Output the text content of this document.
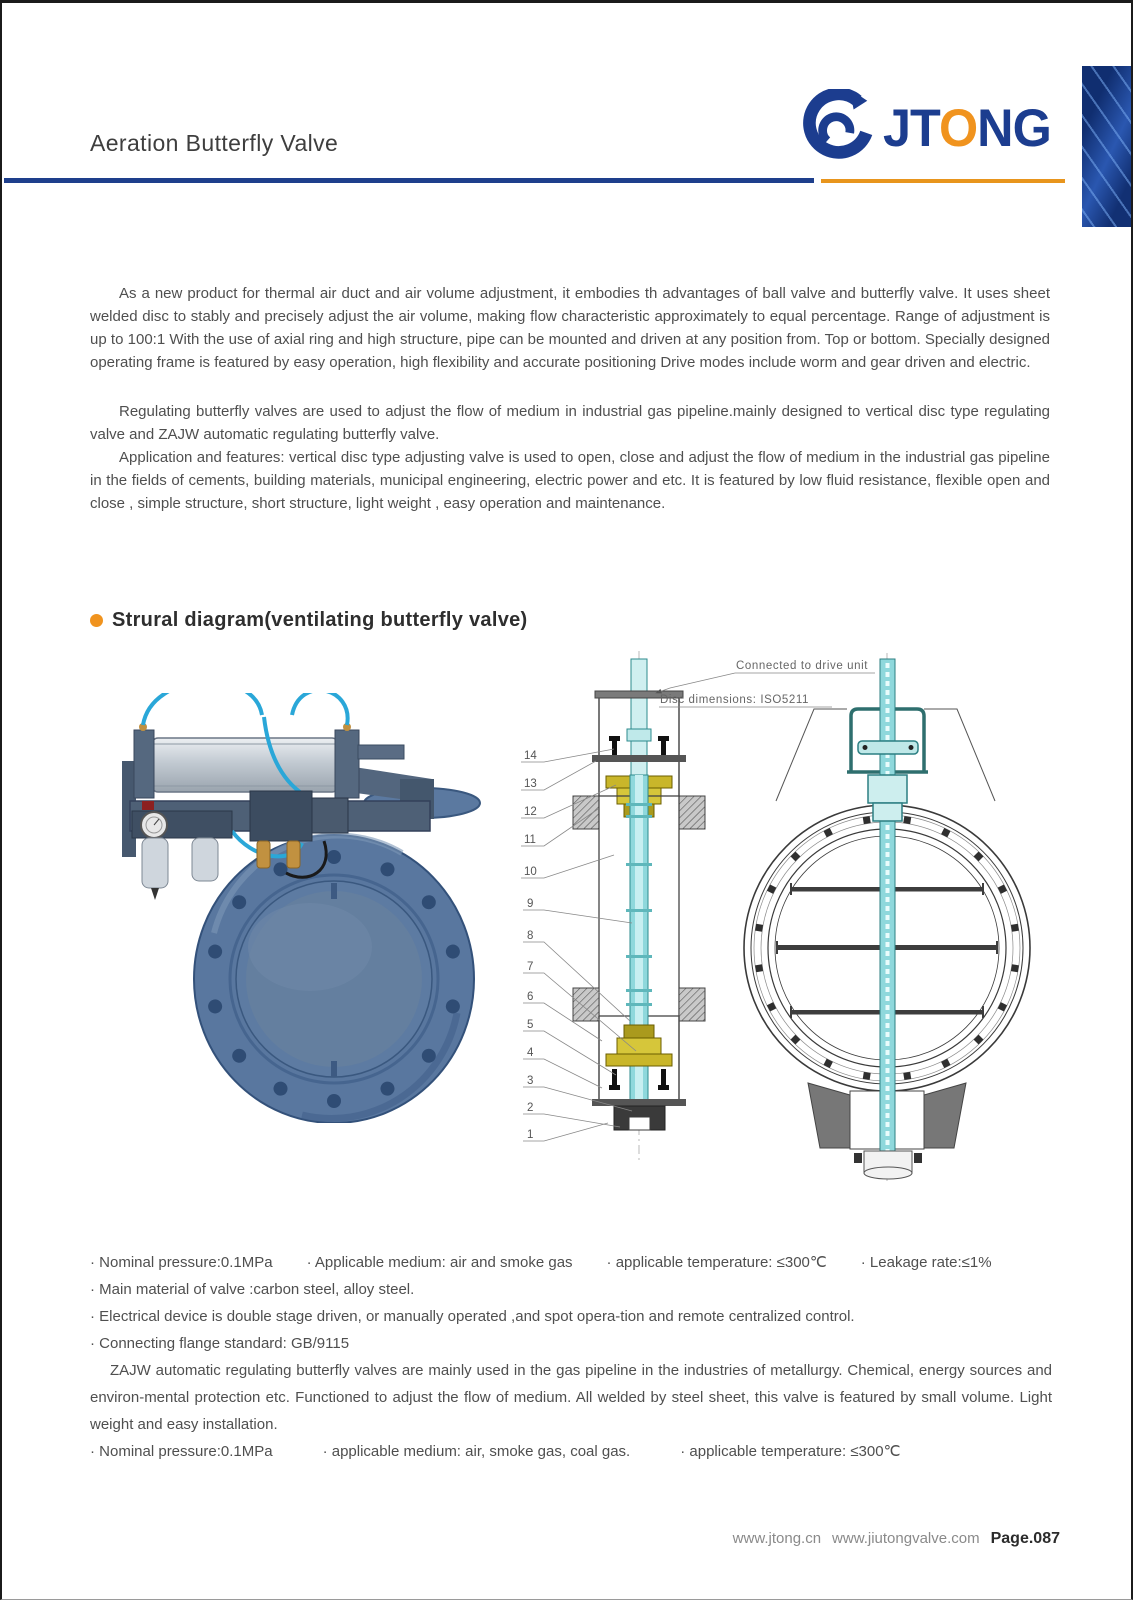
Aeration Butterfly Valve	JTONG

As a new product for thermal air duct and air volume adjustment, it embodies th advantages of ball valve and butterfly valve. It uses sheet welded disc to stably and precisely adjust the air volume, making flow characteristic approximately to equal percentage. Range of adjustment is up to 100:1 With the use of axial ring and high structure, pipe can be mounted and driven at any position from. Top or bottom. Specially designed operating frame is featured by easy operation, high flexibility and accurate positioning Drive modes include worm and gear driven and electric.

Regulating butterfly valves are used to adjust the flow of medium in industrial gas pipeline.mainly designed to vertical disc type regulating valve and ZAJW automatic regulating butterfly valve.

Application and features: vertical disc type adjusting valve is used to open, close and adjust the flow of medium in the industrial gas pipeline in the fields of cements, building materials, municipal engineering, electric power and etc. It is featured by low fluid resistance, flexible open and close , simple structure, short structure, light weight , easy operation and maintenance.

Strural diagram(ventilating butterfly valve)
14
13
12
11
10
9
8
7
6
5
4
3
2
1
Connected to drive unit
Disc dimensions: ISO5211
· Nominal pressure:0.1MPa · Applicable medium: air and smoke gas · applicable temperature: ≤300℃ · Leakage rate:≤1%
· Main material of valve :carbon steel, alloy steel.
· Electrical device is double stage driven, or manually operated ,and spot opera-tion and remote centralized control.
· Connecting flange standard: GB/9115

ZAJW automatic regulating butterfly valves are mainly used in the gas pipeline in the industries of metallurgy. Chemical, energy sources and environ-mental protection etc. Functioned to adjust the flow of medium. All welded by steel sheet, this valve is featured by small volume. Light weight and easy installation.

· Nominal pressure:0.1MPa	· applicable medium: air, smoke gas, coal gas.	· applicable temperature: ≤300℃
www.jtong.cn www.jiutongvalve.com Page.087
